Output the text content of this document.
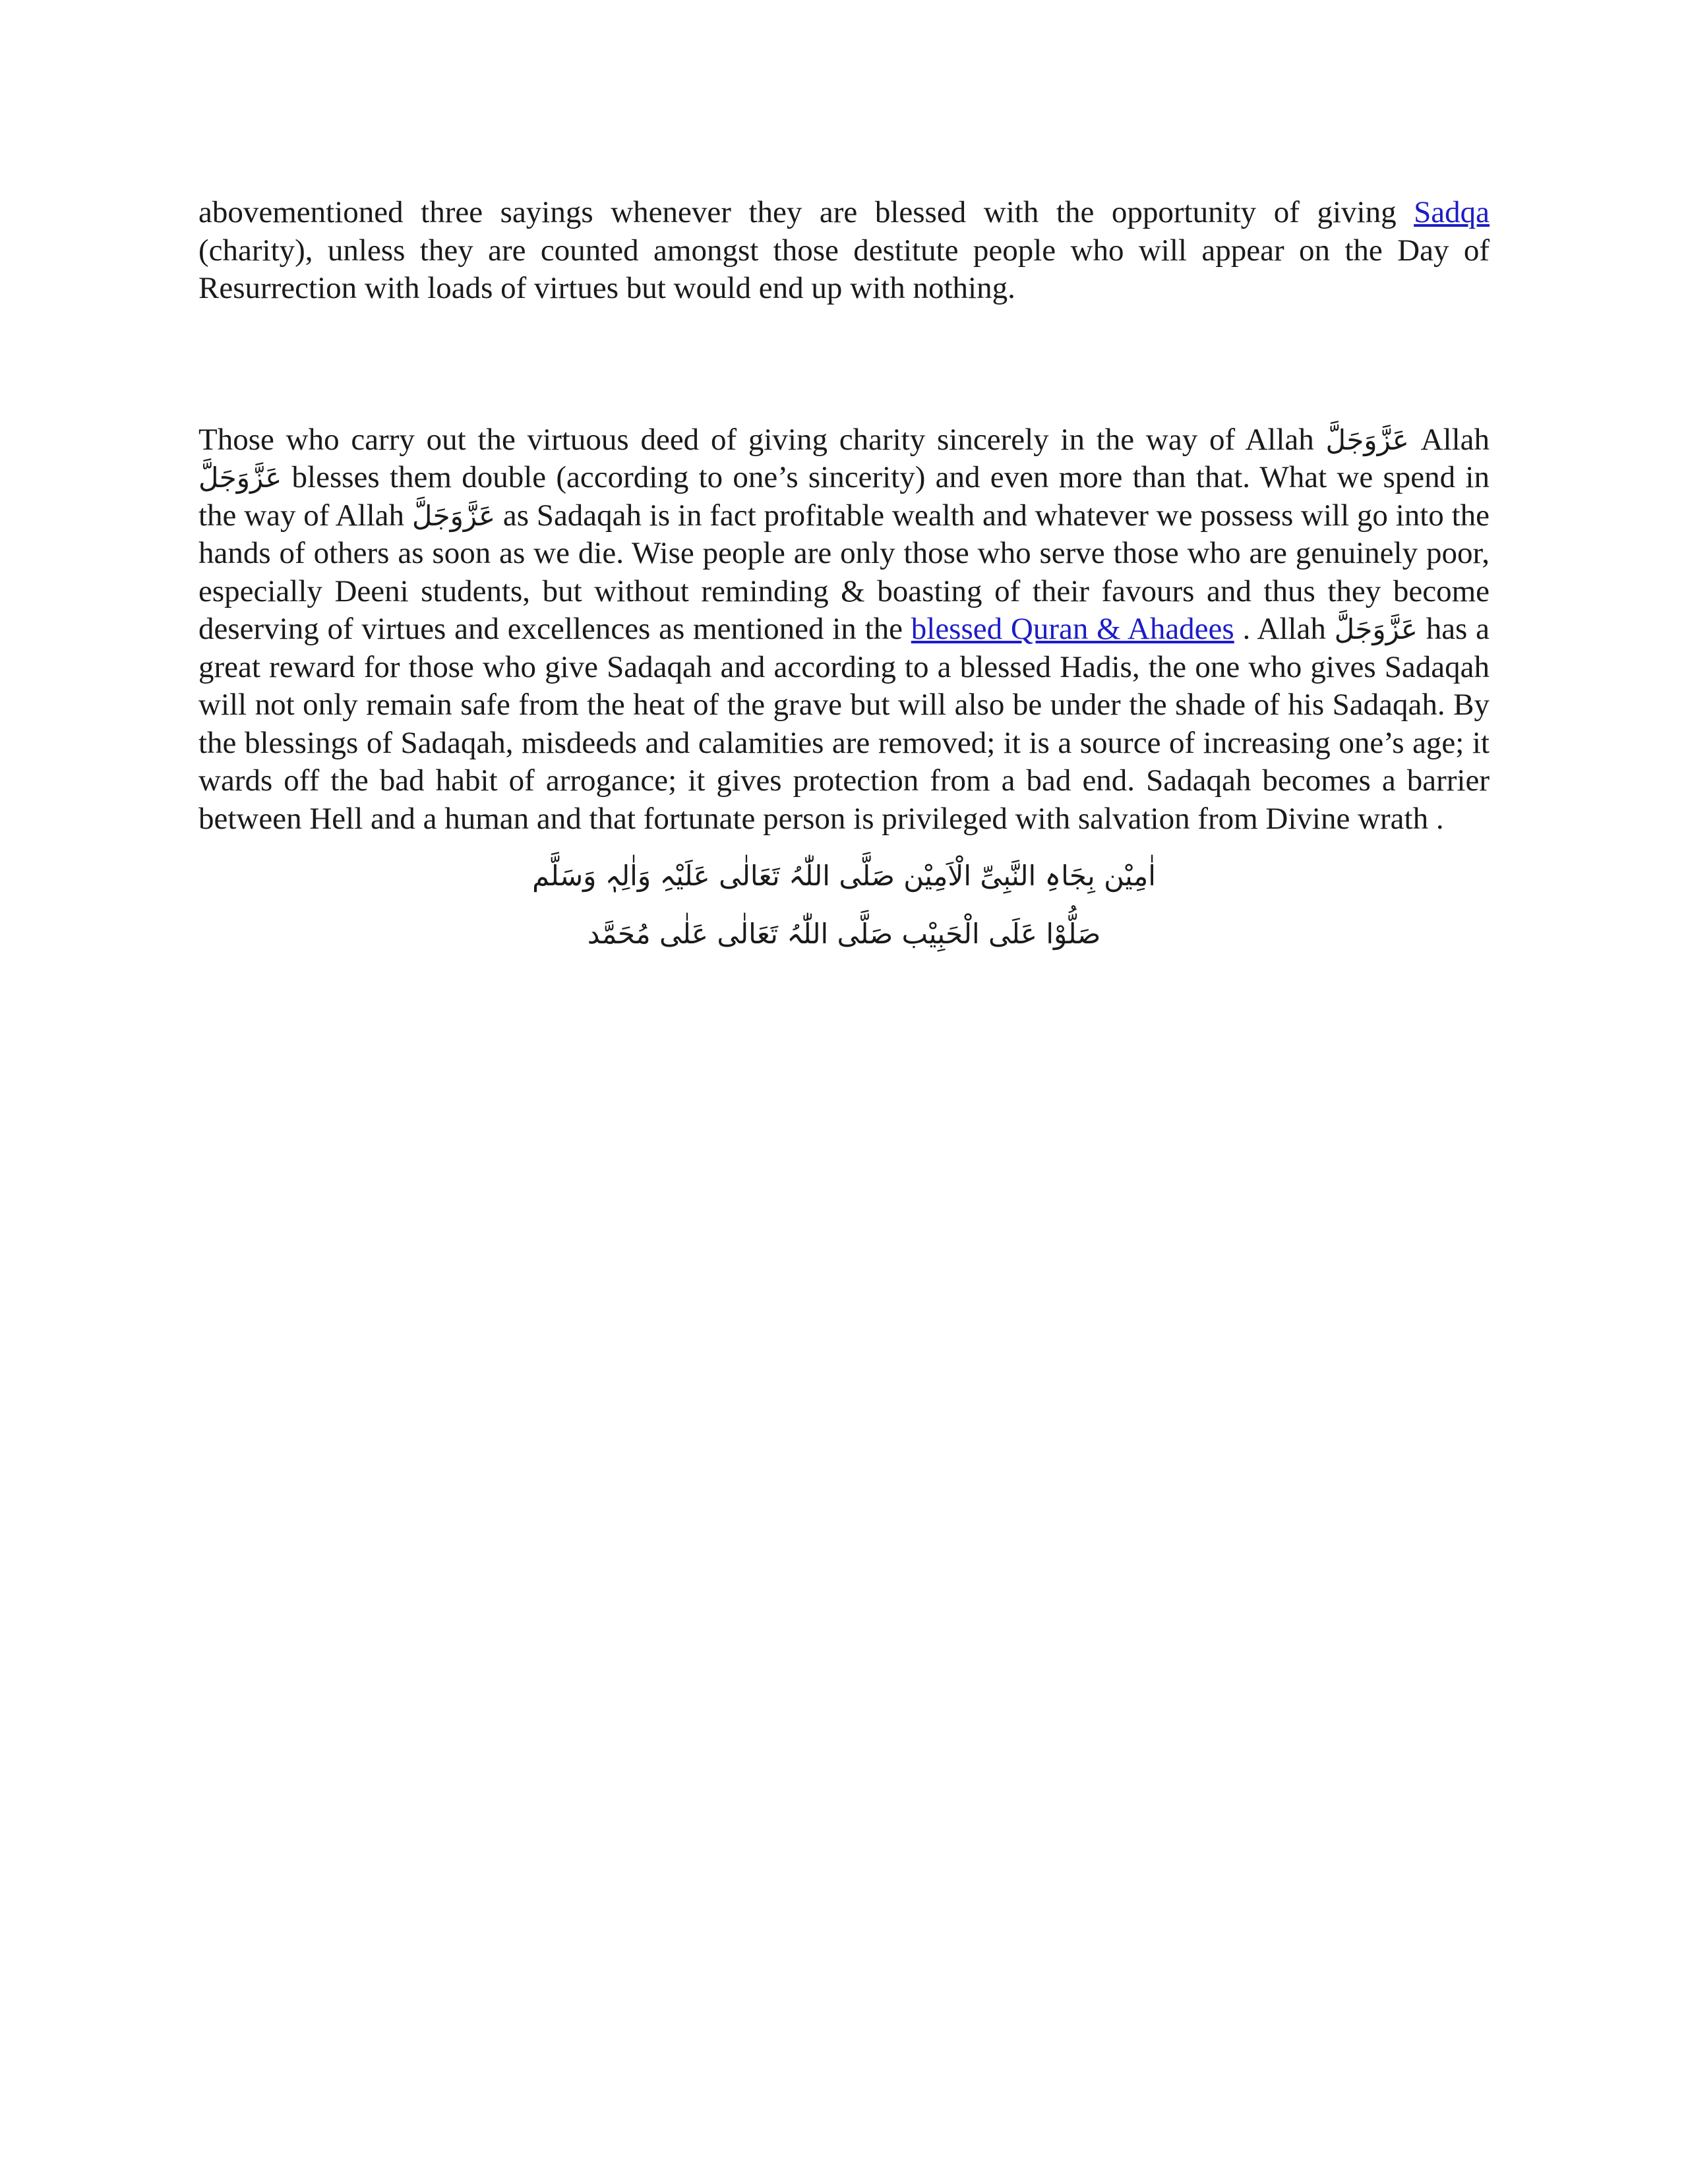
abovementioned three sayings whenever they are blessed with the opportunity of giving Sadqa (charity), unless they are counted amongst those destitute people who will appear on the Day of Resurrection with loads of virtues but would end up with nothing.

Those who carry out the virtuous deed of giving charity sincerely in the way of Allah عَزَّوَجَلَّ Allah عَزَّوَجَلَّ blesses them double (according to one’s sincerity) and even more than that. What we spend in the way of Allah عَزَّوَجَلَّ as Sadaqah is in fact profitable wealth and whatever we possess will go into the hands of others as soon as we die. Wise people are only those who serve those who are genuinely poor, especially Deeni students, but without reminding & boasting of their favours and thus they become deserving of virtues and excellences as mentioned in the blessed Quran & Ahadees . Allah عَزَّوَجَلَّ has a great reward for those who give Sadaqah and according to a blessed Hadis, the one who gives Sadaqah will not only remain safe from the heat of the grave but will also be under the shade of his Sadaqah. By the blessings of Sadaqah, misdeeds and calamities are removed; it is a source of increasing one’s age; it wards off the bad habit of arrogance; it gives protection from a bad end. Sadaqah becomes a barrier between Hell and a human and that fortunate person is privileged with salvation from Divine wrath .

اٰمِیْن بِجَاہِ النَّبِیِّ الْاَمِیْن صَلَّی اللّٰہُ تَعَالٰی عَلَیْہِ وَاٰلِہٖ وَسَلَّم
صَلُّوْا عَلَی الْحَبِیْب صَلَّی اللّٰہُ تَعَالٰی عَلٰی مُحَمَّد
